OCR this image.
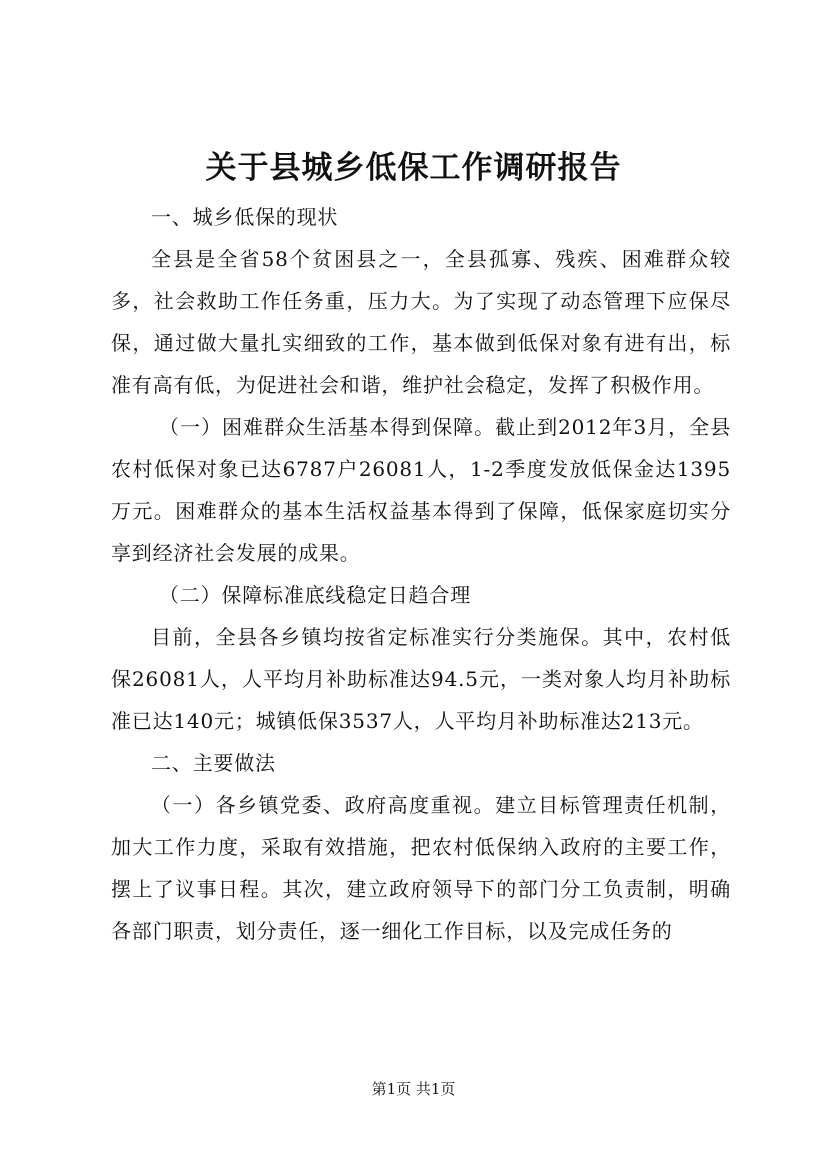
关于县城乡低保工作调研报告

一、城乡低保的现状

全县是全省58个贫困县之一，全县孤寡、残疾、困难群众较多，社会救助工作任务重，压力大。为了实现了动态管理下应保尽保，通过做大量扎实细致的工作，基本做到低保对象有进有出，标准有高有低，为促进社会和谐，维护社会稳定，发挥了积极作用。

（一）困难群众生活基本得到保障。截止到2012年3月，全县农村低保对象已达6787户26081人，1-2季度发放低保金达1395万元。困难群众的基本生活权益基本得到了保障，低保家庭切实分享到经济社会发展的成果。

（二）保障标准底线稳定日趋合理

目前，全县各乡镇均按省定标准实行分类施保。其中，农村低保26081人，人平均月补助标准达94.5元，一类对象人均月补助标准已达140元；城镇低保3537人，人平均月补助标准达213元。

二、主要做法

（一）各乡镇党委、政府高度重视。建立目标管理责任机制，加大工作力度，采取有效措施，把农村低保纳入政府的主要工作，摆上了议事日程。其次，建立政府领导下的部门分工负责制，明确各部门职责，划分责任，逐一细化工作目标，以及完成任务的

第1页 共1页
